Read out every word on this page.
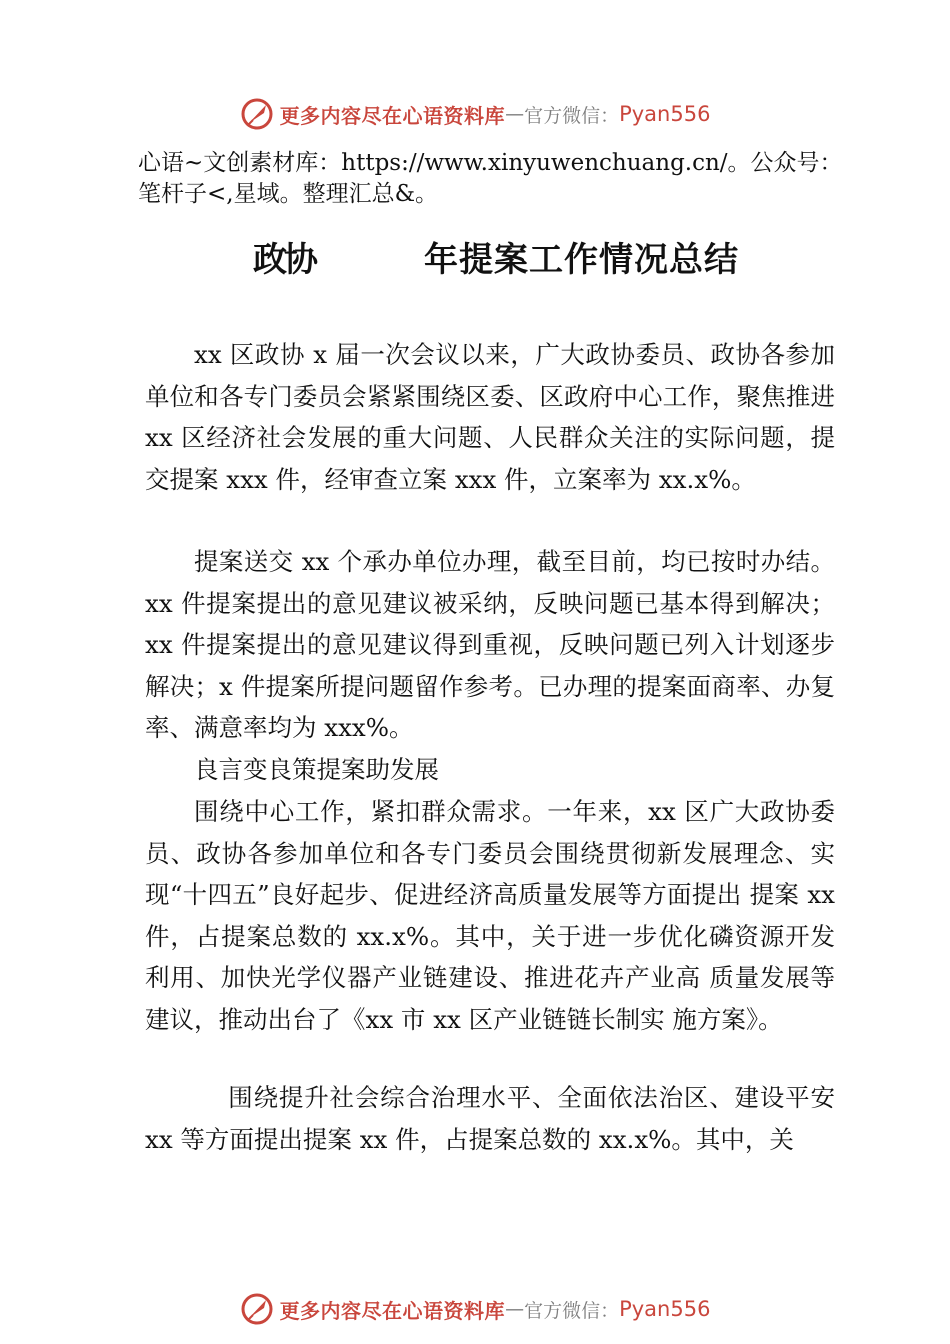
更多内容尽在心语资料库 — 官方微信： Pyan556
心语~文创素材库：https://www.xinyuwenchuang.cn/。公众号：笔杆子<,星域。整理汇总&。
政协	年提案工作情况总结

xx 区政协 x 届一次会议以来，广大政协委员、政协各参加单位和各专门委员会紧紧围绕区委、区政府中心工作，聚焦推进 xx 区经济社会发展的重大问题、人民群众关注的实际问题，提交提案 xxx 件，经审查立案 xxx 件，立案率为 xx.x%。

提案送交 xx 个承办单位办理，截至目前，均已按时办结。xx 件提案提出的意见建议被采纳，反映问题已基本得到解决；xx 件提案提出的意见建议得到重视，反映问题已列入计划逐步解决；x 件提案所提问题留作参考。已办理的提案面商率、办复率、满意率均为 xxx%。

良言变良策提案助发展

围绕中心工作，紧扣群众需求。一年来，xx 区广大政协委员、政协各参加单位和各专门委员会围绕贯彻新发展理念、实现“十四五”良好起步、促进经济高质量发展等方面提出 提案 xx 件，占提案总数的 xx.x%。其中，关于进一步优化磷资源开发利用、加快光学仪器产业链建设、推进花卉产业高 质量发展等建议，推动出台了《xx 市 xx 区产业链链长制实 施方案》。

围绕提升社会综合治理水平、全面依法治区、建设平安 xx 等方面提出提案 xx 件，占提案总数的 xx.x%。其中，关

更多内容尽在心语资料库 — 官方微信： Pyan556
